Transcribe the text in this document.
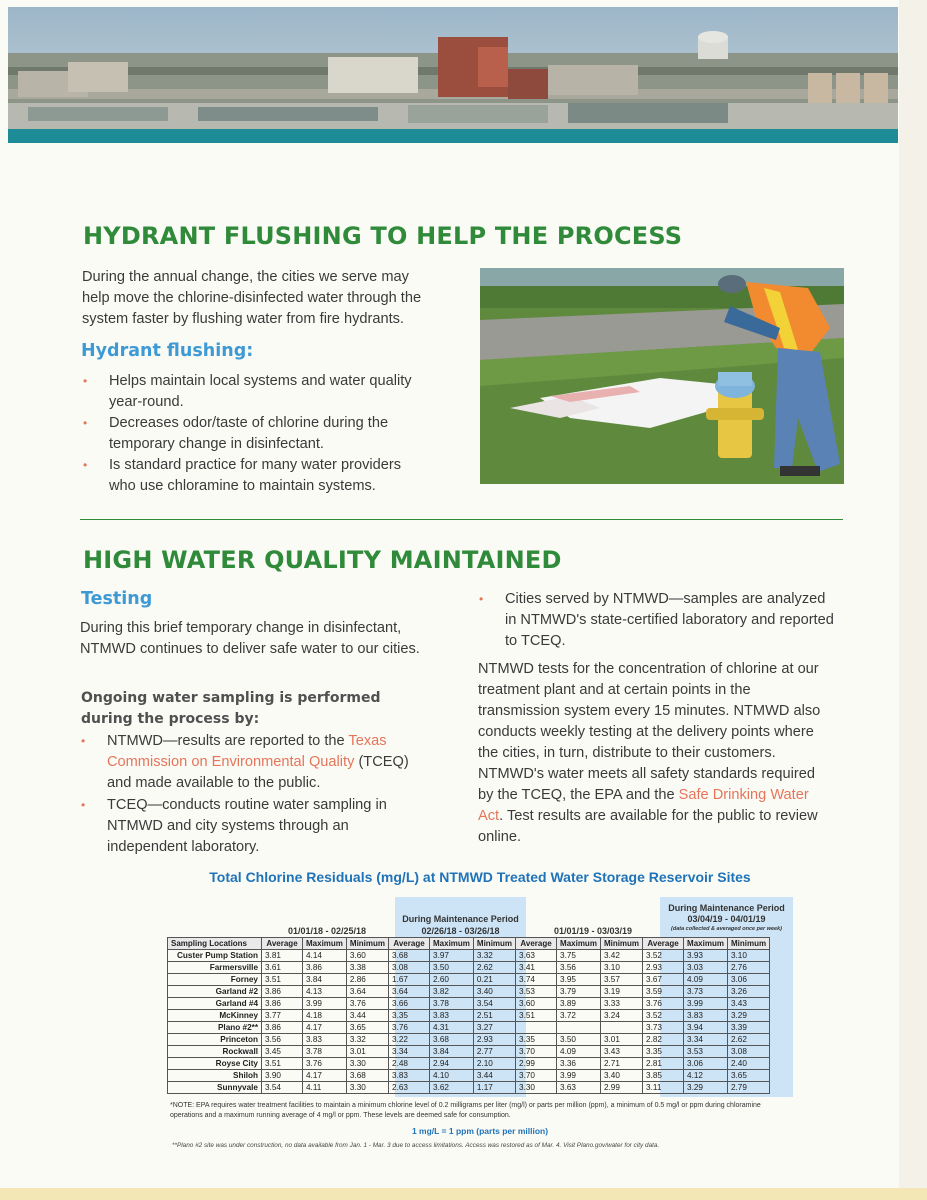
HYDRANT FLUSHING TO HELP THE PROCESS
During the annual change, the cities we serve may help move the chlorine-disinfected water through the system faster by flushing water from fire hydrants.
Hydrant flushing:
• Helps maintain local systems and water quality year-round.
• Decreases odor/taste of chlorine during the temporary change in disinfectant.
• Is standard practice for many water providers who use chloramine to maintain systems.
HIGH WATER QUALITY MAINTAINED
Testing
During this brief temporary change in disinfectant, NTMWD continues to deliver safe water to our cities.
Ongoing water sampling is performed during the process by:
• NTMWD—results are reported to the Texas Commission on Environmental Quality (TCEQ) and made available to the public.
• TCEQ—conducts routine water sampling in NTMWD and city systems through an independent laboratory.
• Cities served by NTMWD—samples are analyzed in NTMWD's state-certified laboratory and reported to TCEQ.
NTMWD tests for the concentration of chlorine at our treatment plant and at certain points in the transmission system every 15 minutes. NTMWD also conducts weekly testing at the delivery points where the cities, in turn, distribute to their customers. NTMWD's water meets all safety standards required by the TCEQ, the EPA and the Safe Drinking Water Act. Test results are available for the public to review online.
Total Chlorine Residuals (mg/L) at NTMWD Treated Water Storage Reservoir Sites
01/01/18 - 02/25/18
During Maintenance Period
02/26/18 - 03/26/18	01/01/19 - 03/03/19
During Maintenance Period
03/04/19 - 04/01/19
(data collected & averaged once per week)
Sampling Locations	Average	Maximum	Minimum	Average	Maximum	Minimum	Average	Maximum	Minimum	Average	Maximum	Minimum
Custer Pump Station	3.81	4.14	3.60	3.68	3.97	3.32	3.63	3.75	3.42	3.52	3.93	3.10
Farmersville	3.61	3.86	3.38	3.08	3.50	2.62	3.41	3.56	3.10	2.93	3.03	2.76
Forney	3.51	3.84	2.86	1.67	2.60	0.21	3.74	3.95	3.57	3.67	4.09	3.06
Garland #2	3.86	4.13	3.64	3.64	3.82	3.40	3.53	3.79	3.19	3.59	3.73	3.26
Garland #4	3.86	3.99	3.76	3.66	3.78	3.54	3.60	3.89	3.33	3.76	3.99	3.43
McKinney	3.77	4.18	3.44	3.35	3.83	2.51	3.51	3.72	3.24	3.52	3.83	3.29
Plano #2**	3.86	4.17	3.65	3.76	4.31	3.27				3.73	3.94	3.39
Princeton	3.56	3.83	3.32	3.22	3.68	2.93	3.35	3.50	3.01	2.82	3.34	2.62
Rockwall	3.45	3.78	3.01	3.34	3.84	2.77	3.70	4.09	3.43	3.35	3.53	3.08
Royse City	3.51	3.76	3.30	2.48	2.94	2.10	2.99	3.36	2.71	2.81	3.06	2.40
Shiloh	3.90	4.17	3.68	3.83	4.10	3.44	3.70	3.99	3.40	3.85	4.12	3.65
Sunnyvale	3.54	4.11	3.30	2.63	3.62	1.17	3.30	3.63	2.99	3.11	3.29	2.79
*NOTE: EPA requires water treatment facilities to maintain a minimum chlorine level of 0.2 milligrams per liter (mg/l) or parts per million (ppm), a minimum of 0.5 mg/l or ppm during chloramine operations and a maximum running average of 4 mg/l or ppm. These levels are deemed safe for consumption.
1 mg/L = 1 ppm (parts per million)
**Plano #2 site was under construction, no data available from Jan. 1 - Mar. 3 due to access limitations. Access was restored as of Mar. 4. Visit Plano.gov/water for city data.
